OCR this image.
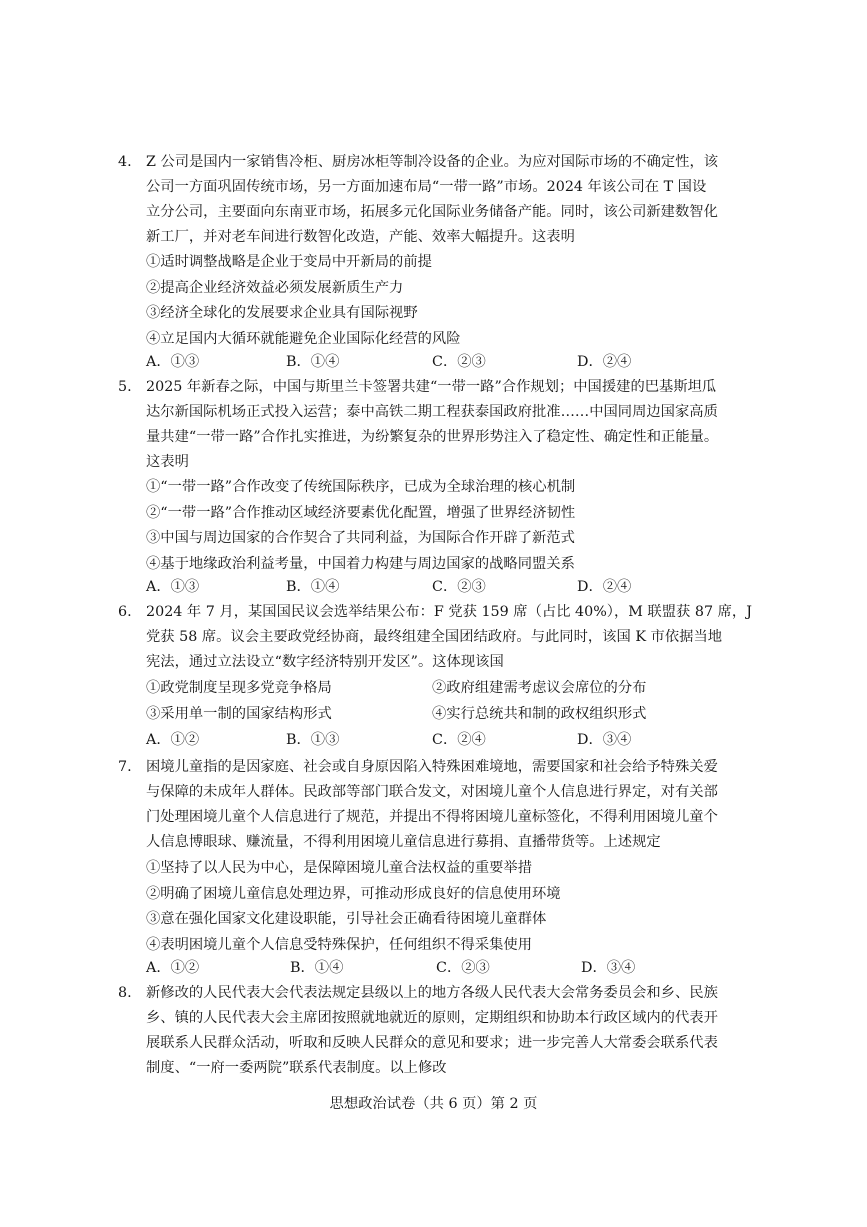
4. Z 公司是国内一家销售冷柜、厨房冰柜等制冷设备的企业。为应对国际市场的不确定性，该
公司一方面巩固传统市场，另一方面加速布局“一带一路”市场。2024 年该公司在 T 国设
立分公司，主要面向东南亚市场，拓展多元化国际业务储备产能。同时，该公司新建数智化
新工厂，并对老车间进行数智化改造，产能、效率大幅提升。这表明
①适时调整战略是企业于变局中开新局的前提
②提高企业经济效益必须发展新质生产力
③经济全球化的发展要求企业具有国际视野
④立足国内大循环就能避免企业国际化经营的风险
A．①③	B．①④	C．②③	D．②④
5. 2025 年新春之际，中国与斯里兰卡签署共建“一带一路”合作规划；中国援建的巴基斯坦瓜
达尔新国际机场正式投入运营；泰中高铁二期工程获泰国政府批准……中国同周边国家高质
量共建“一带一路”合作扎实推进，为纷繁复杂的世界形势注入了稳定性、确定性和正能量。
这表明
①“一带一路”合作改变了传统国际秩序，已成为全球治理的核心机制
②“一带一路”合作推动区域经济要素优化配置，增强了世界经济韧性
③中国与周边国家的合作契合了共同利益，为国际合作开辟了新范式
④基于地缘政治利益考量，中国着力构建与周边国家的战略同盟关系
A．①③	B．①④	C．②③	D．②④
6. 2024 年 7 月，某国国民议会选举结果公布：F 党获 159 席（占比 40%），M 联盟获 87 席，J
党获 58 席。议会主要政党经协商，最终组建全国团结政府。与此同时，该国 K 市依据当地
宪法，通过立法设立“数字经济特别开发区”。这体现该国
①政党制度呈现多党竞争格局	②政府组建需考虑议会席位的分布
③采用单一制的国家结构形式	④实行总统共和制的政权组织形式
A．①②	B．①③	C．②④	D．③④
7. 困境儿童指的是因家庭、社会或自身原因陷入特殊困难境地，需要国家和社会给予特殊关爱
与保障的未成年人群体。民政部等部门联合发文，对困境儿童个人信息进行界定，对有关部
门处理困境儿童个人信息进行了规范，并提出不得将困境儿童标签化，不得利用困境儿童个
人信息博眼球、赚流量，不得利用困境儿童信息进行募捐、直播带货等。上述规定
①坚持了以人民为中心，是保障困境儿童合法权益的重要举措
②明确了困境儿童信息处理边界，可推动形成良好的信息使用环境
③意在强化国家文化建设职能，引导社会正确看待困境儿童群体
④表明困境儿童个人信息受特殊保护，任何组织不得采集使用
A．①②	B．①④	C．②③	D．③④
8. 新修改的人民代表大会代表法规定县级以上的地方各级人民代表大会常务委员会和乡、民族
乡、镇的人民代表大会主席团按照就地就近的原则，定期组织和协助本行政区域内的代表开
展联系人民群众活动，听取和反映人民群众的意见和要求；进一步完善人大常委会联系代表
制度、“一府一委两院”联系代表制度。以上修改
思想政治试卷（共 6 页）第 2 页
